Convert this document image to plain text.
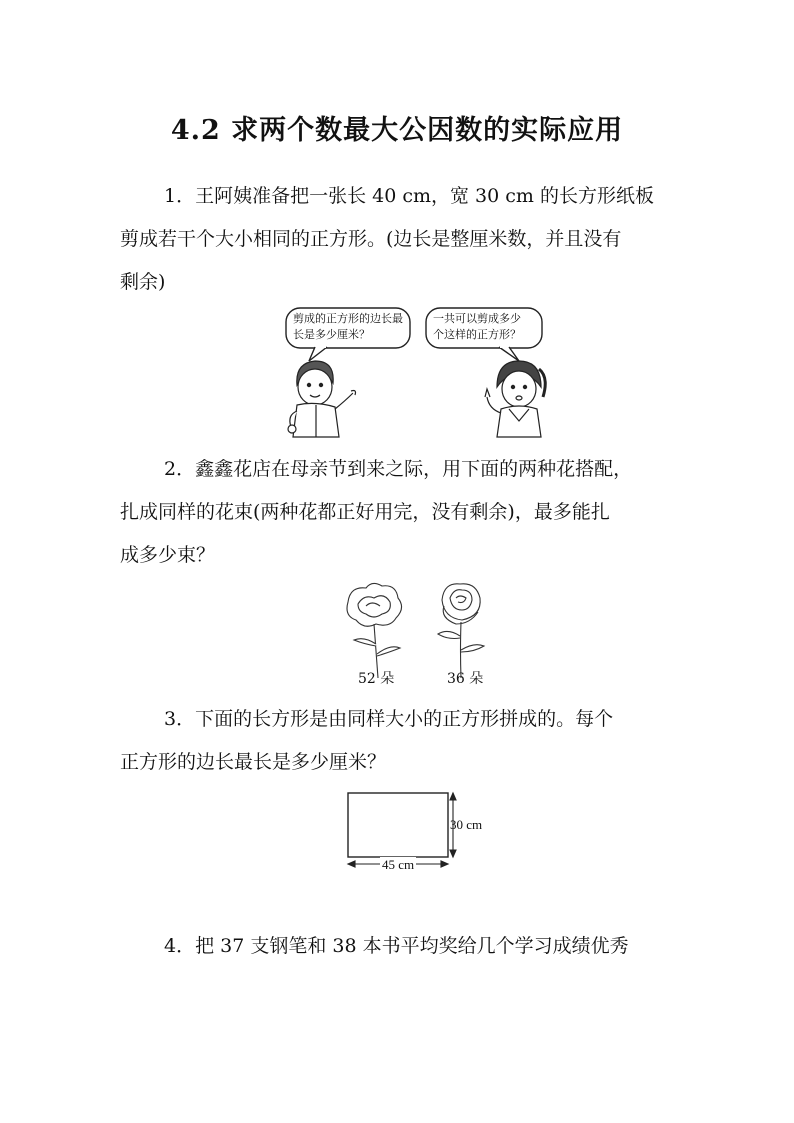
4.2 求两个数最大公因数的实际应用
1．王阿姨准备把一张长 40 cm，宽 30 cm 的长方形纸板
剪成若干个大小相同的正方形。(边长是整厘米数，并且没有
剩余)
剪成的正方形的边长最
长是多少厘米？
一共可以剪成多少
个这样的正方形？
2．鑫鑫花店在母亲节到来之际，用下面的两种花搭配，
扎成同样的花束(两种花都正好用完，没有剩余)，最多能扎
成多少束？
52 朵	36 朵
3．下面的长方形是由同样大小的正方形拼成的。每个
正方形的边长最长是多少厘米？
30 cm
45 cm
4．把 37 支钢笔和 38 本书平均奖给几个学习成绩优秀
